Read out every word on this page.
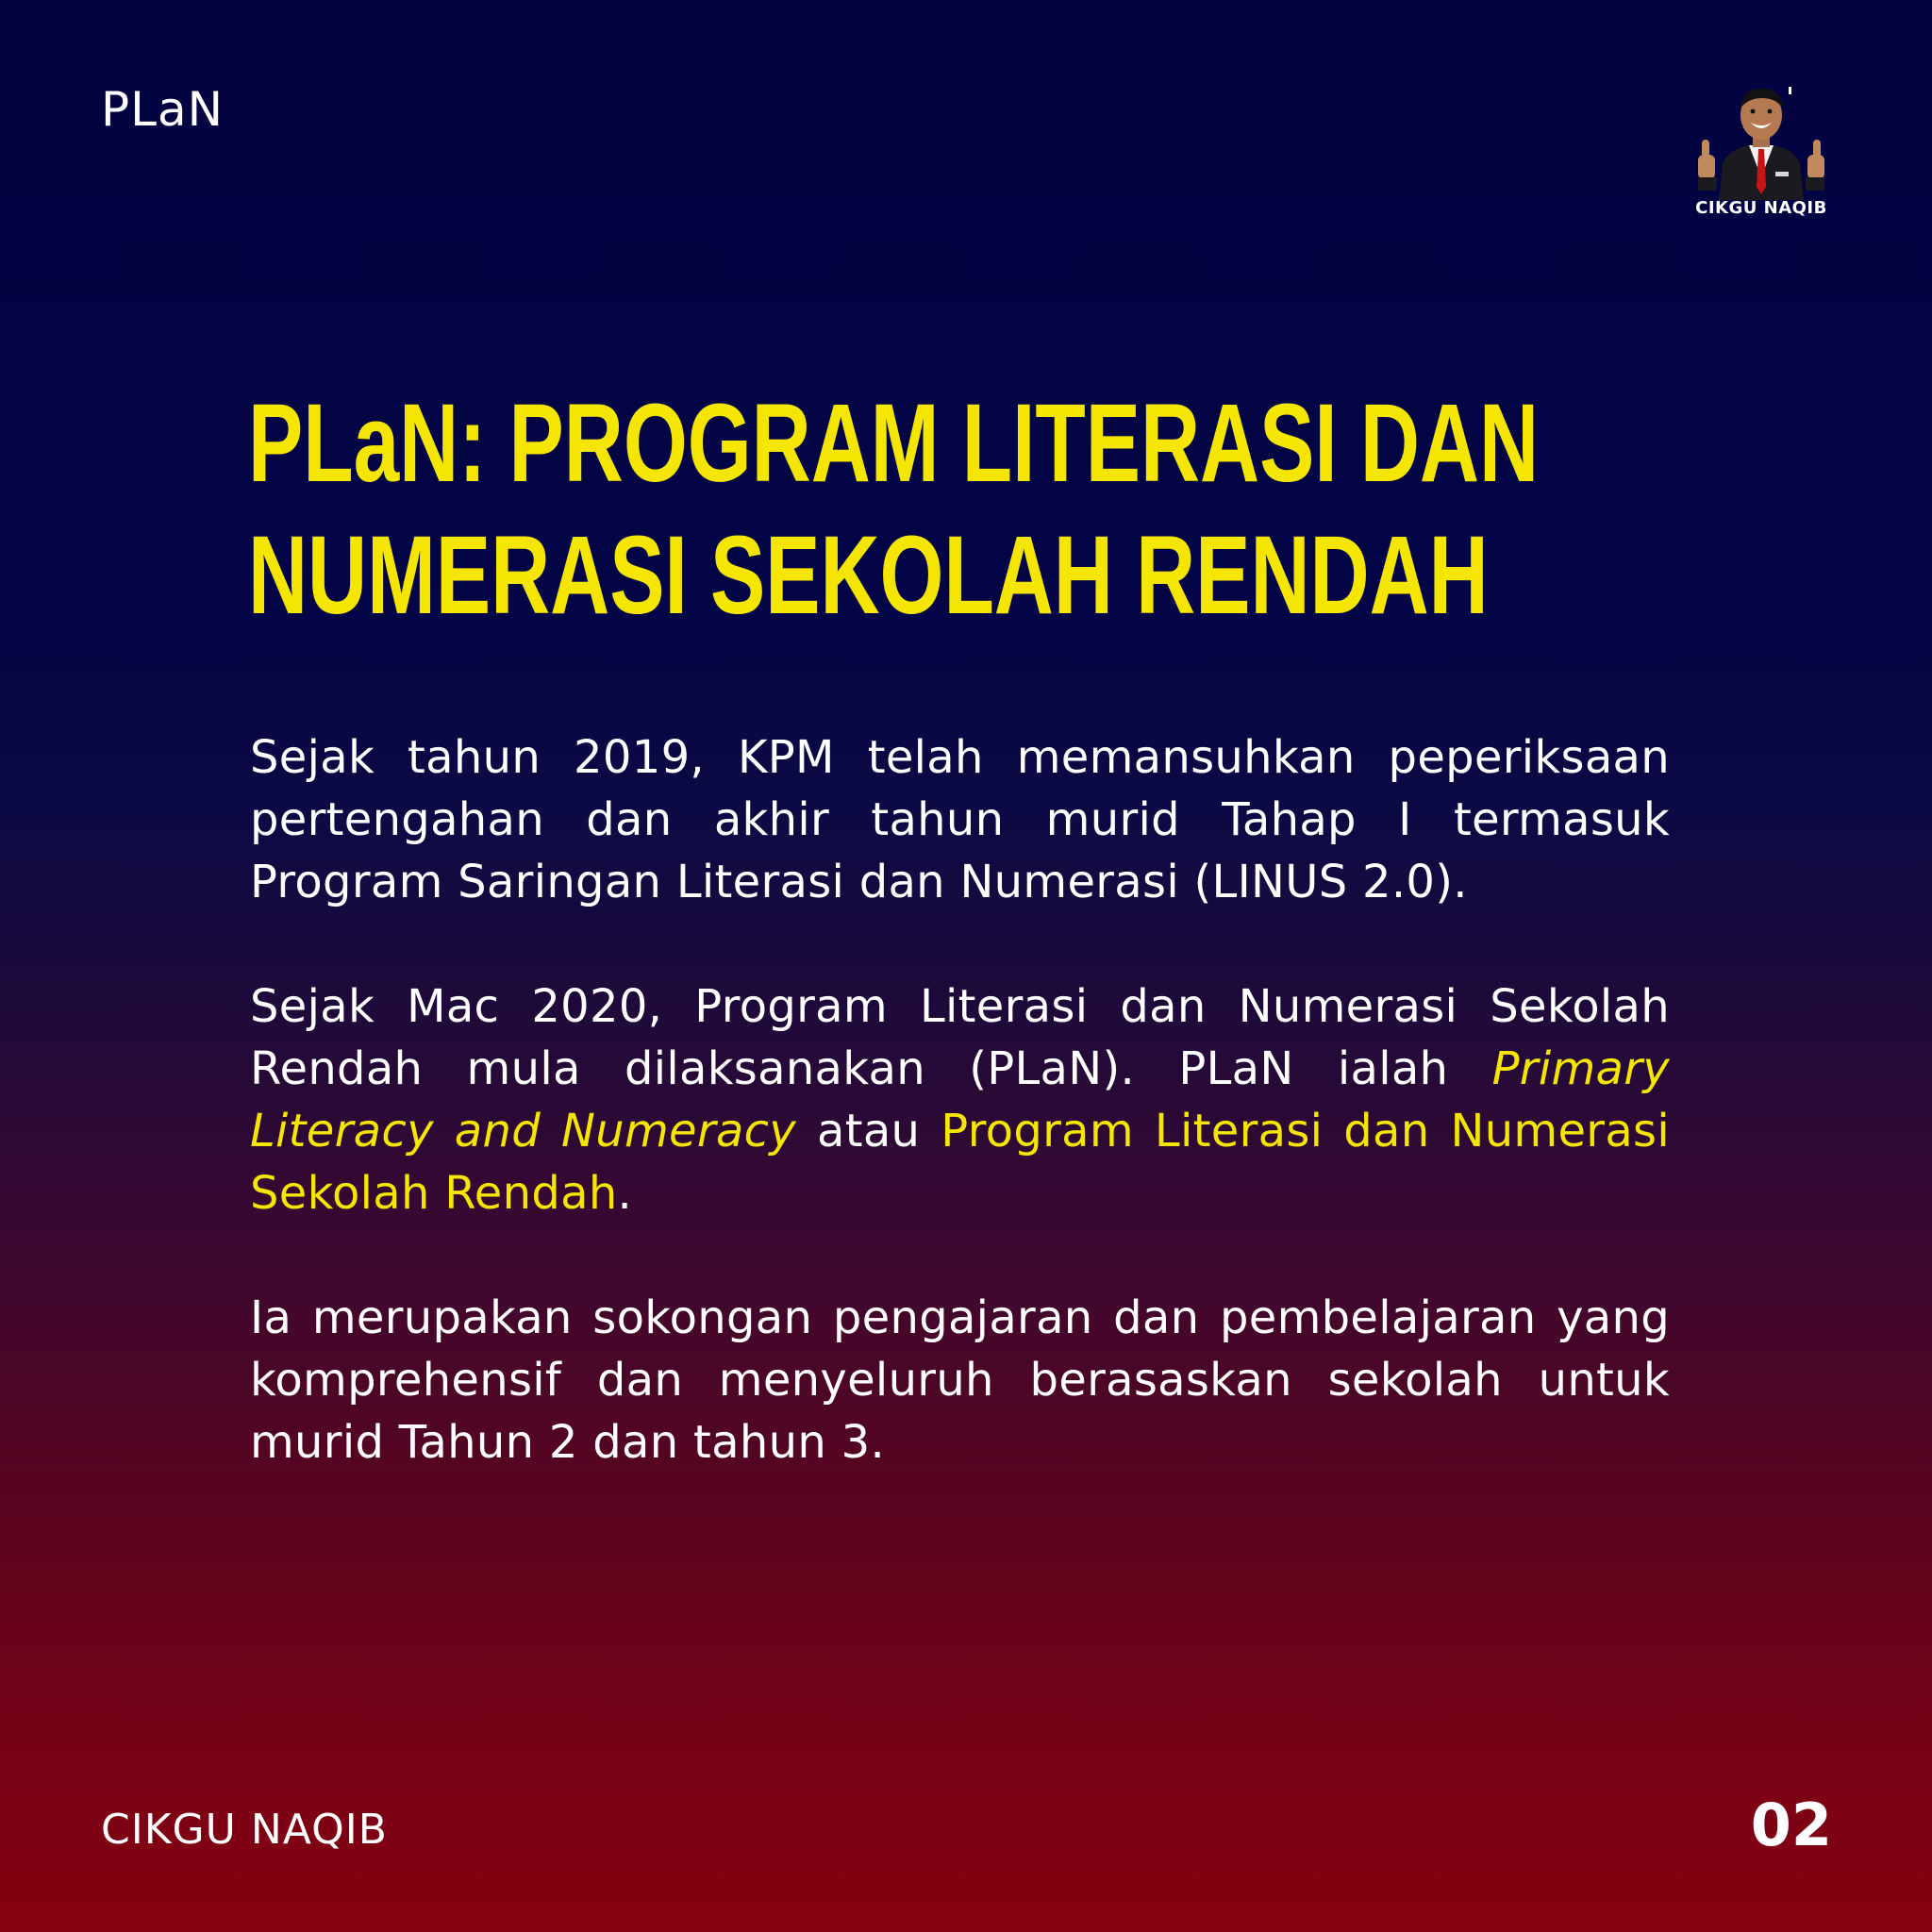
PLaN
CIKGU NAQIB
PLaN: PROGRAM LITERASI DAN
NUMERASI SEKOLAH RENDAH

Sejak tahun 2019, KPM telah memansuhkan peperiksaan pertengahan dan akhir tahun murid Tahap I termasuk Program Saringan Literasi dan Numerasi (LINUS 2.0).

Sejak Mac 2020, Program Literasi dan Numerasi Sekolah Rendah mula dilaksanakan (PLaN). PLaN ialah Primary Literacy and Numeracy atau Program Literasi dan Numerasi Sekolah Rendah.

Ia merupakan sokongan pengajaran dan pembelajaran yang komprehensif dan menyeluruh berasaskan sekolah untuk murid Tahun 2 dan tahun 3.

CIKGU NAQIB	02
